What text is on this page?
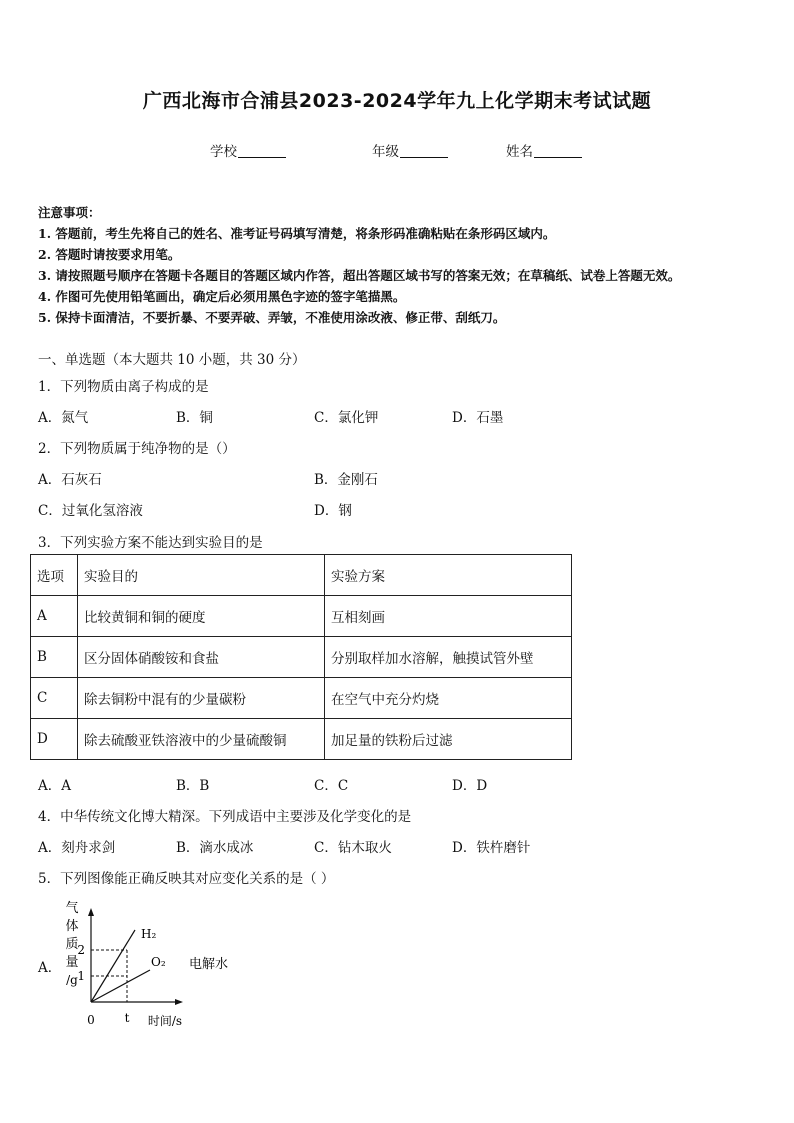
广西北海市合浦县2023-2024学年九上化学期末考试试题
学校	年级	姓名
注意事项：
1. 答题前，考生先将自己的姓名、准考证号码填写清楚，将条形码准确粘贴在条形码区域内。
2. 答题时请按要求用笔。
3. 请按照题号顺序在答题卡各题目的答题区域内作答，超出答题区域书写的答案无效；在草稿纸、试卷上答题无效。
4. 作图可先使用铅笔画出，确定后必须用黑色字迹的签字笔描黑。
5. 保持卡面清洁，不要折暴、不要弄破、弄皱，不准使用涂改液、修正带、刮纸刀。
一、单选题（本大题共 10 小题，共 30 分）
1．下列物质由离子构成的是
A．氮气	B．铜	C．氯化钾	D．石墨
2．下列物质属于纯净物的是（）
A．石灰石	B．金刚石
C．过氧化氢溶液	D．钢
3．下列实验方案不能达到实验目的是
选项	实验目的	实验方案
A	比较黄铜和铜的硬度	互相刻画
B	区分固体硝酸铵和食盐	分别取样加水溶解，触摸试管外壁
C	除去铜粉中混有的少量碳粉	在空气中充分灼烧
D	除去硫酸亚铁溶液中的少量硫酸铜	加足量的铁粉后过滤
A．A	B．B	C．C	D．D
4．中华传统文化博大精深。下列成语中主要涉及化学变化的是
A．刻舟求剑	B．滴水成冰	C．钻木取火	D．铁杵磨针
5．下列图像能正确反映其对应变化关系的是（ ）
A．
气
体
质
量
/g
H₂
O₂
2
1
0 t 时间/s
电解水
